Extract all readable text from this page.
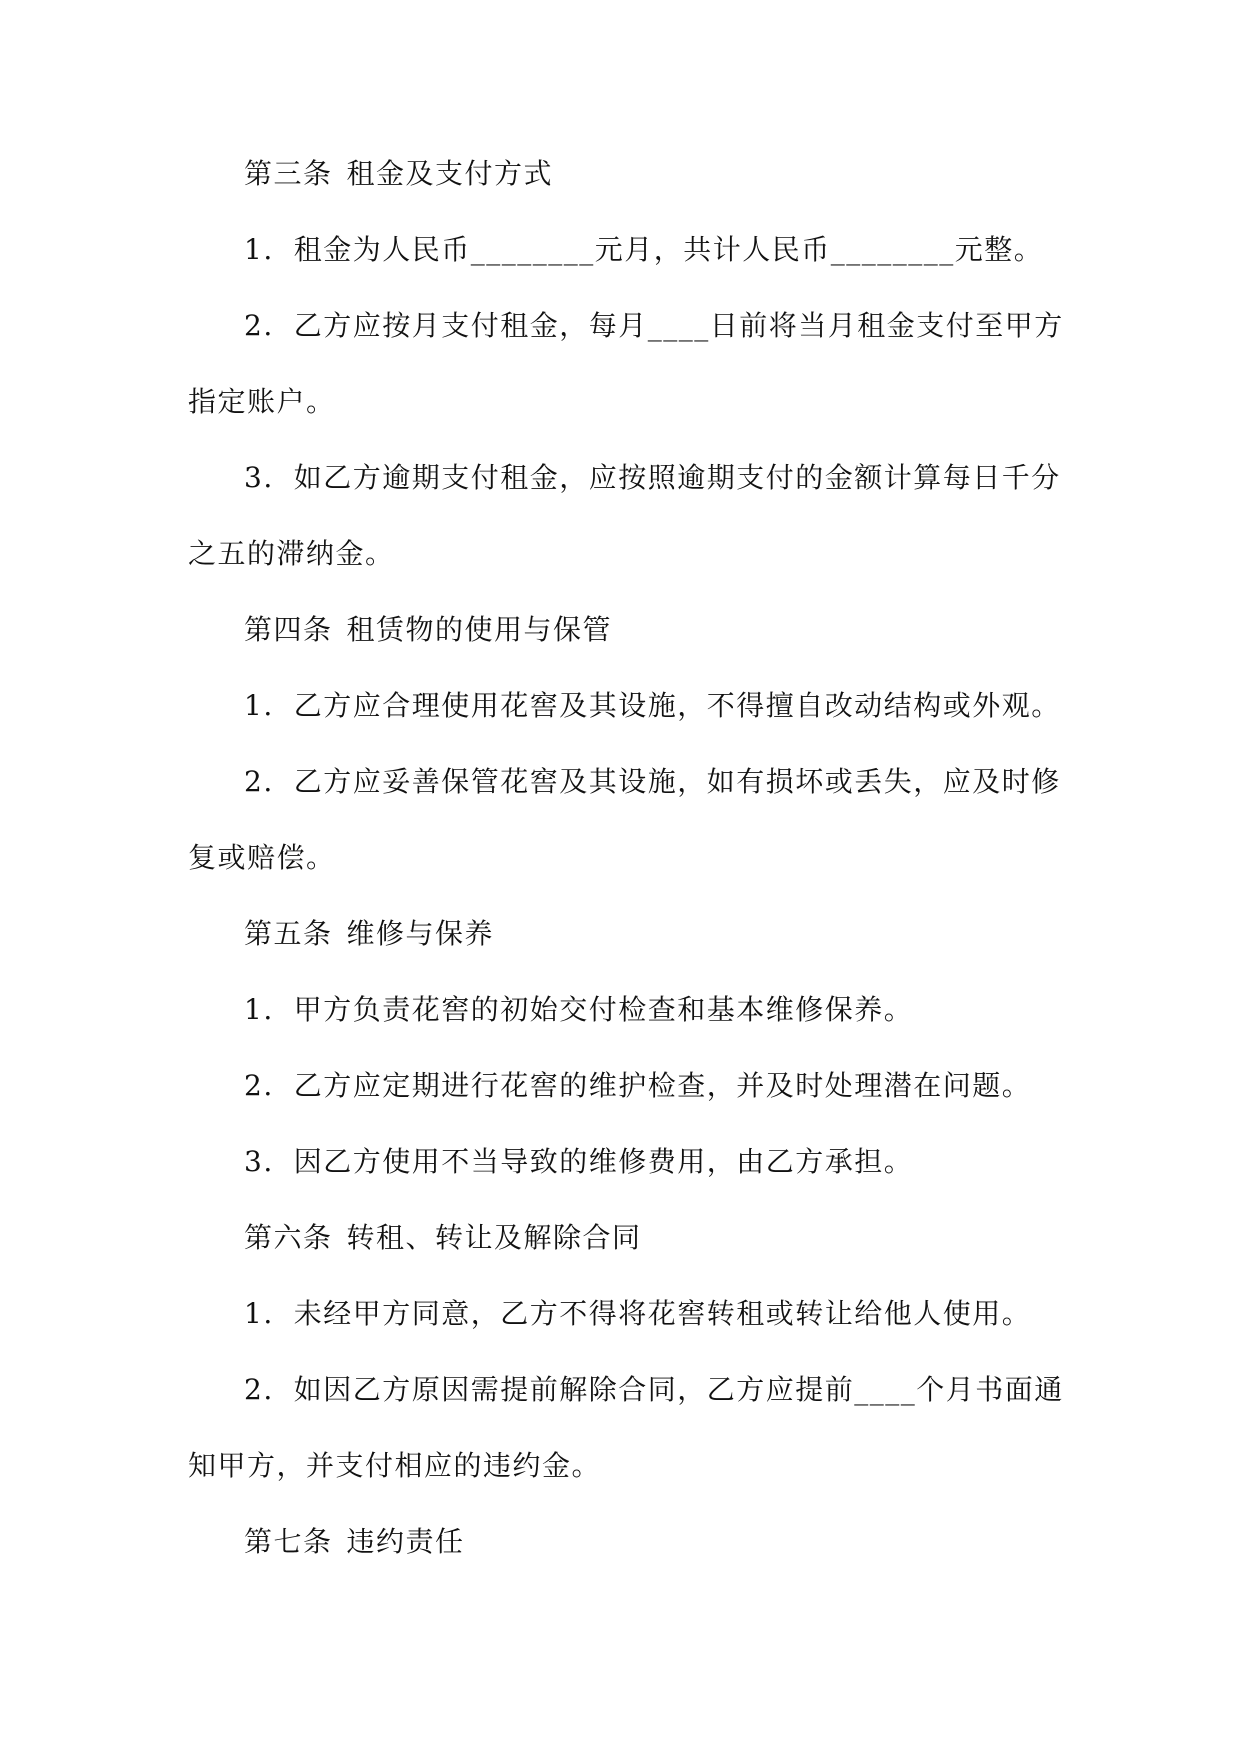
第三条 租金及支付方式
1. 租金为人民币________元月，共计人民币________元整。
2. 乙方应按月支付租金，每月____日前将当月租金支付至甲方
指定账户。
3. 如乙方逾期支付租金，应按照逾期支付的金额计算每日千分
之五的滞纳金。
第四条 租赁物的使用与保管
1. 乙方应合理使用花窖及其设施，不得擅自改动结构或外观。
2. 乙方应妥善保管花窖及其设施，如有损坏或丢失，应及时修
复或赔偿。
第五条 维修与保养
1. 甲方负责花窖的初始交付检查和基本维修保养。
2. 乙方应定期进行花窖的维护检查，并及时处理潜在问题。
3. 因乙方使用不当导致的维修费用，由乙方承担。
第六条 转租、转让及解除合同
1. 未经甲方同意，乙方不得将花窖转租或转让给他人使用。
2. 如因乙方原因需提前解除合同，乙方应提前____个月书面通
知甲方，并支付相应的违约金。
第七条 违约责任
